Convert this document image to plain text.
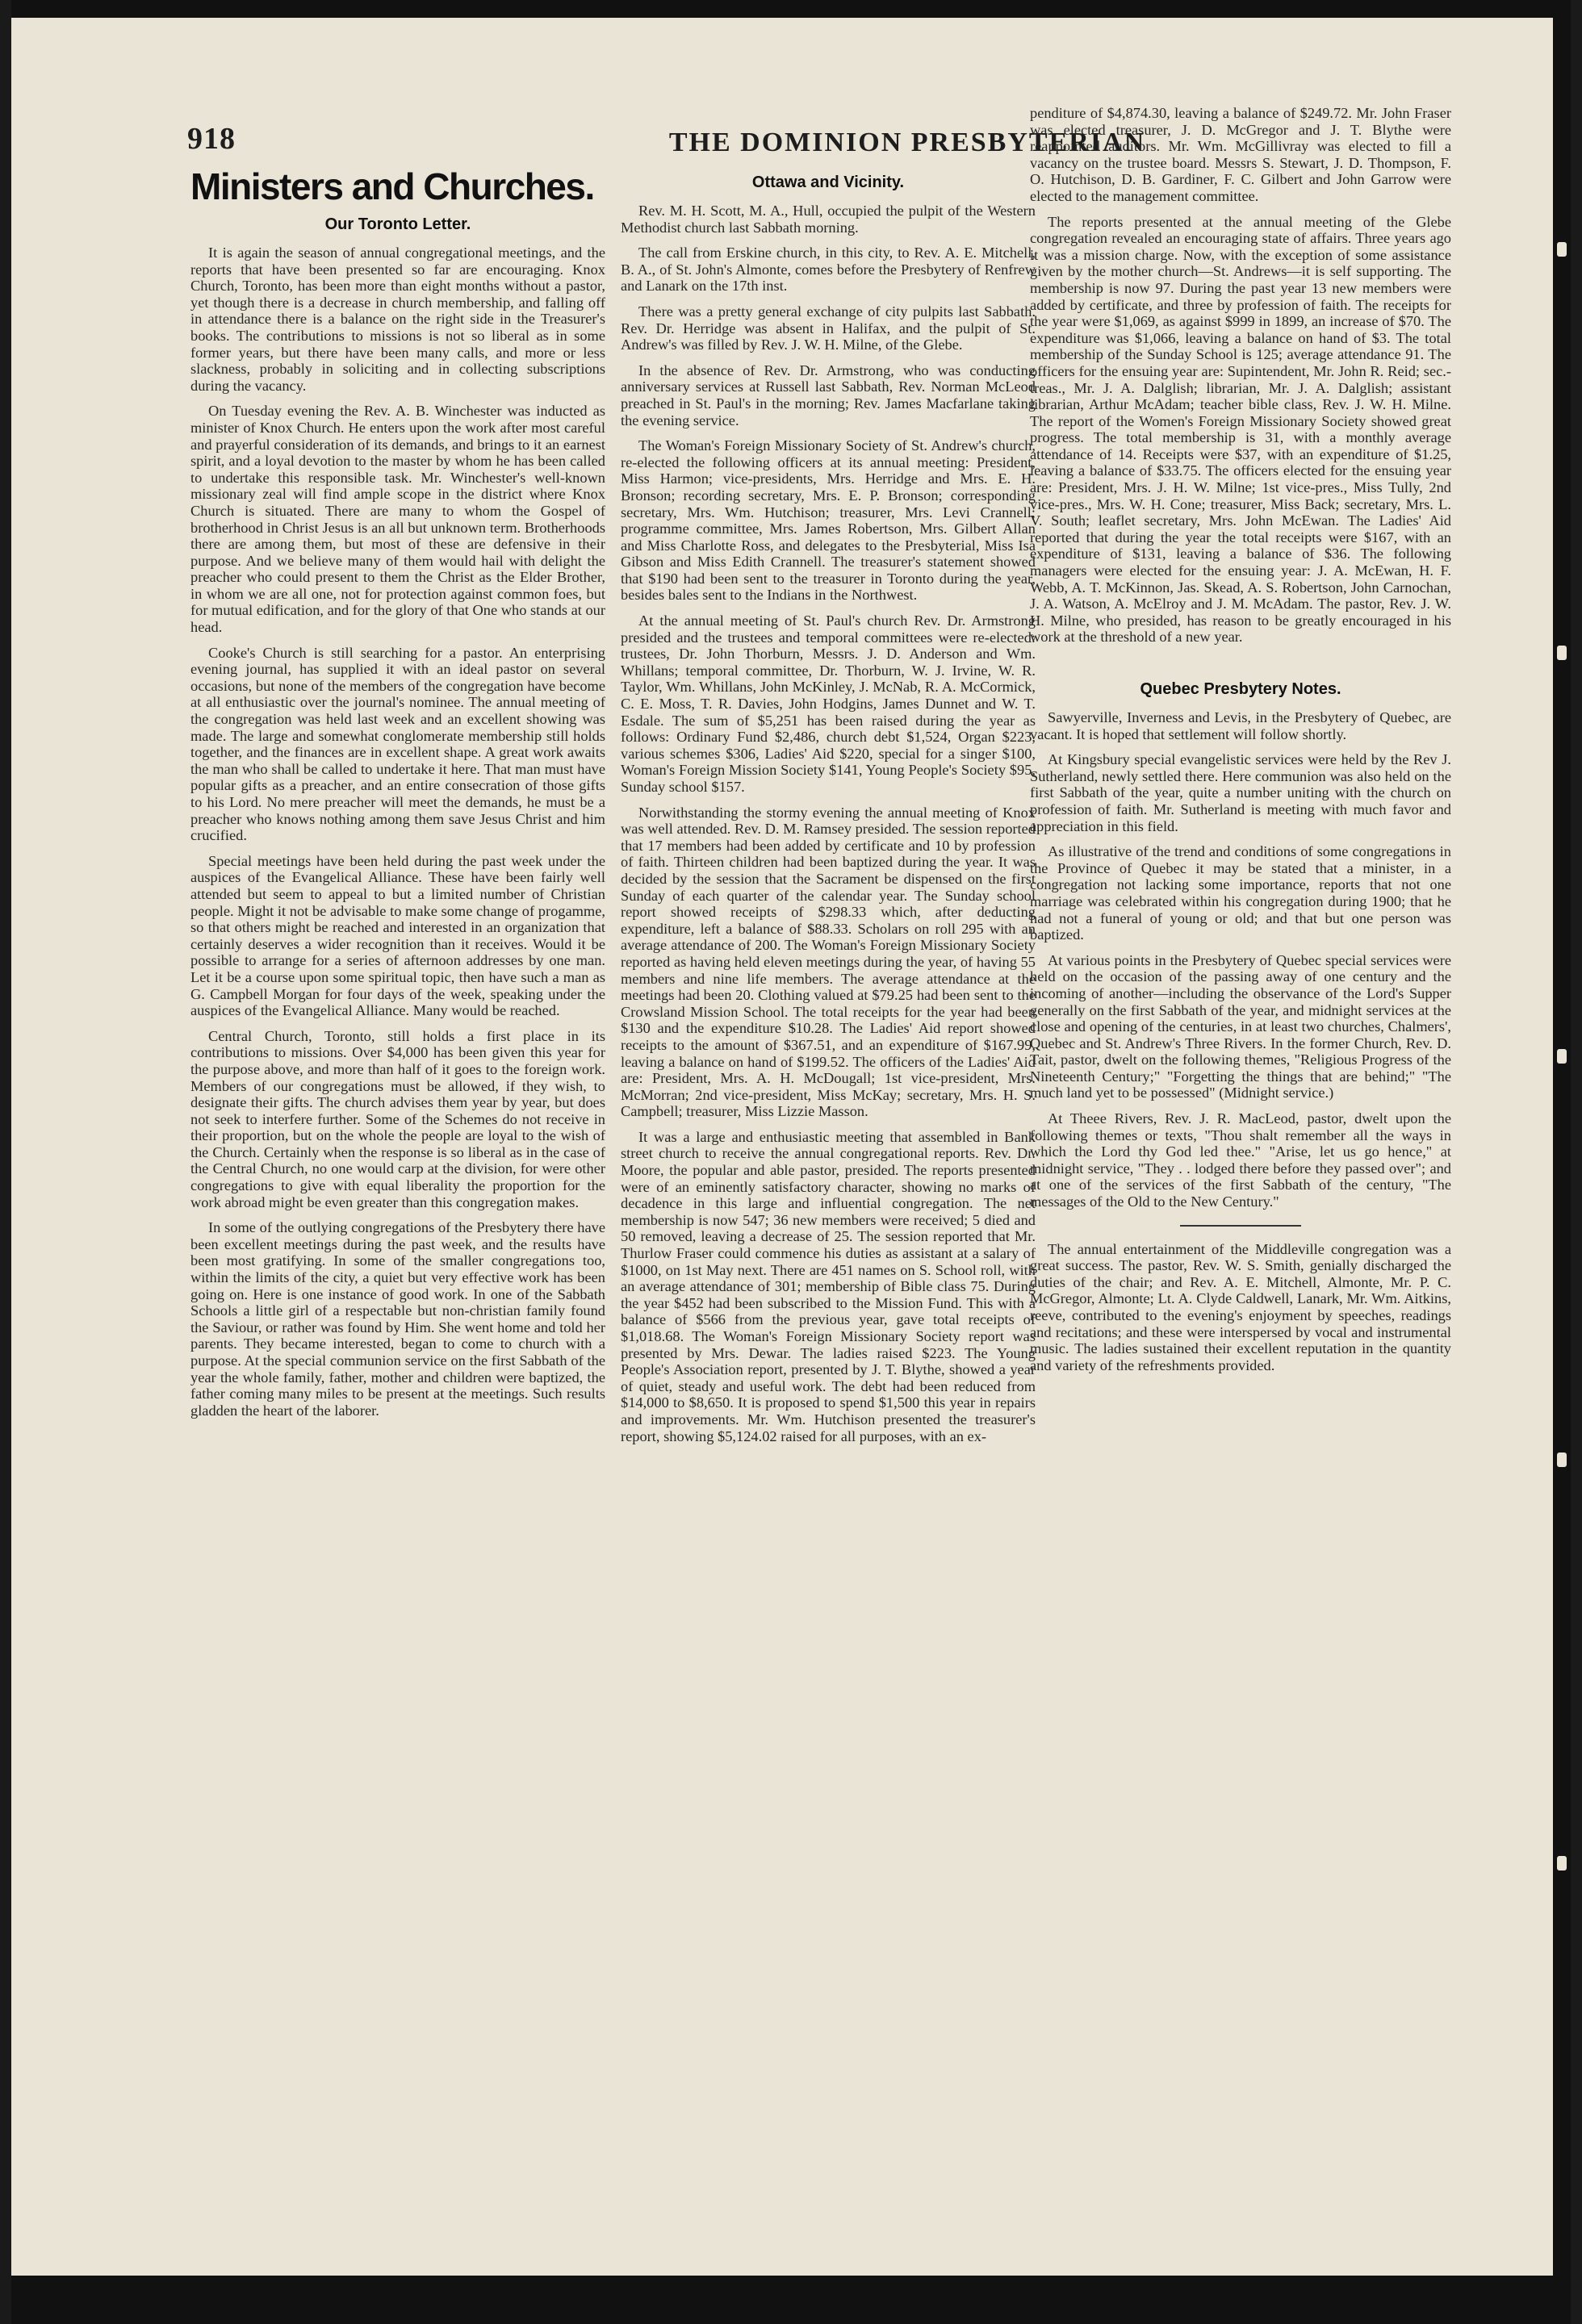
918	THE DOMINION PRESBYTERIAN
Ministers and Churches.
Our Toronto Letter.

It is again the season of annual congregational meetings, and the reports that have been presented so far are encouraging. Knox Church, Toronto, has been more than eight months without a pastor, yet though there is a decrease in church membership, and falling off in attendance there is a balance on the right side in the Treasurer's books. The contributions to missions is not so liberal as in some former years, but there have been many calls, and more or less slackness, probably in soliciting and in collecting subscriptions during the vacancy.

On Tuesday evening the Rev. A. B. Winchester was inducted as minister of Knox Church. He enters upon the work after most careful and prayerful consideration of its demands, and brings to it an earnest spirit, and a loyal devotion to the master by whom he has been called to undertake this responsible task. Mr. Winchester's well-known missionary zeal will find ample scope in the district where Knox Church is situated. There are many to whom the Gospel of brotherhood in Christ Jesus is an all but unknown term. Brotherhoods there are among them, but most of these are defensive in their purpose. And we believe many of them would hail with delight the preacher who could present to them the Christ as the Elder Brother, in whom we are all one, not for protection against common foes, but for mutual edification, and for the glory of that One who stands at our head.

Cooke's Church is still searching for a pastor. An enterprising evening journal, has supplied it with an ideal pastor on several occasions, but none of the members of the congregation have become at all enthusiastic over the journal's nominee. The annual meeting of the congregation was held last week and an excellent showing was made. The large and somewhat conglomerate membership still holds together, and the finances are in excellent shape. A great work awaits the man who shall be called to undertake it here. That man must have popular gifts as a preacher, and an entire consecration of those gifts to his Lord. No mere preacher will meet the demands, he must be a preacher who knows nothing among them save Jesus Christ and him crucified.

Special meetings have been held during the past week under the auspices of the Evangelical Alliance. These have been fairly well attended but seem to appeal to but a limited number of Christian people. Might it not be advisable to make some change of progamme, so that others might be reached and interested in an organization that certainly deserves a wider recognition than it receives. Would it be possible to arrange for a series of afternoon addresses by one man. Let it be a course upon some spiritual topic, then have such a man as G. Campbell Morgan for four days of the week, speaking under the auspices of the Evangelical Alliance. Many would be reached.

Central Church, Toronto, still holds a first place in its contributions to missions. Over $4,000 has been given this year for the purpose above, and more than half of it goes to the foreign work. Members of our congregations must be allowed, if they wish, to designate their gifts. The church advises them year by year, but does not seek to interfere further. Some of the Schemes do not receive in their proportion, but on the whole the people are loyal to the wish of the Church. Certainly when the response is so liberal as in the case of the Central Church, no one would carp at the division, for were other congregations to give with equal liberality the proportion for the work abroad might be even greater than this congregation makes.

In some of the outlying congregations of the Presbytery there have been excellent meetings during the past week, and the results have been most gratifying. In some of the smaller congregations too, within the limits of the city, a quiet but very effective work has been going on. Here is one instance of good work. In one of the Sabbath Schools a little girl of a respectable but non-christian family found the Saviour, or rather was found by Him. She went home and told her parents. They became interested, began to come to church with a purpose. At the special communion service on the first Sabbath of the year the whole family, father, mother and children were baptized, the father coming many miles to be present at the meetings. Such results gladden the heart of the laborer.

Ottawa and Vicinity.

Rev. M. H. Scott, M. A., Hull, occupied the pulpit of the Western Methodist church last Sabbath morning.

The call from Erskine church, in this city, to Rev. A. E. Mitchell, B. A., of St. John's Almonte, comes before the Presbytery of Renfrew and Lanark on the 17th inst.

There was a pretty general exchange of city pulpits last Sabbath. Rev. Dr. Herridge was absent in Halifax, and the pulpit of St. Andrew's was filled by Rev. J. W. H. Milne, of the Glebe.

In the absence of Rev. Dr. Armstrong, who was conducting anniversary services at Russell last Sabbath, Rev. Norman McLeod preached in St. Paul's in the morning; Rev. James Macfarlane taking the evening service.

The Woman's Foreign Missionary Society of St. Andrew's church, re-elected the following officers at its annual meeting: President, Miss Harmon; vice-presidents, Mrs. Herridge and Mrs. E. H. Bronson; recording secretary, Mrs. E. P. Bronson; corresponding secretary, Mrs. Wm. Hutchison; treasurer, Mrs. Levi Crannell; programme committee, Mrs. James Robertson, Mrs. Gilbert Allan and Miss Charlotte Ross, and delegates to the Presbyterial, Miss Isa Gibson and Miss Edith Crannell. The treasurer's statement showed that $190 had been sent to the treasurer in Toronto during the year, besides bales sent to the Indians in the Northwest.

At the annual meeting of St. Paul's church Rev. Dr. Armstrong presided and the trustees and temporal committees were re-elected: trustees, Dr. John Thorburn, Messrs. J. D. Anderson and Wm. Whillans; temporal committee, Dr. Thorburn, W. J. Irvine, W. R. Taylor, Wm. Whillans, John McKinley, J. McNab, R. A. McCormick, C. E. Moss, T. R. Davies, John Hodgins, James Dunnet and W. T. Esdale. The sum of $5,251 has been raised during the year as follows: Ordinary Fund $2,486, church debt $1,524, Organ $223, various schemes $306, Ladies' Aid $220, special for a singer $100, Woman's Foreign Mission Society $141, Young People's Society $95, Sunday school $157.

Norwithstanding the stormy evening the annual meeting of Knox was well attended. Rev. D. M. Ramsey presided. The session reported that 17 members had been added by certificate and 10 by profession of faith. Thirteen children had been baptized during the year. It was decided by the session that the Sacrament be dispensed on the first Sunday of each quarter of the calendar year. The Sunday school report showed receipts of $298.33 which, after deducting expenditure, left a balance of $88.33. Scholars on roll 295 with an average attendance of 200. The Woman's Foreign Missionary Society reported as having held eleven meetings during the year, of having 55 members and nine life members. The average attendance at the meetings had been 20. Clothing valued at $79.25 had been sent to the Crowsland Mission School. The total receipts for the year had been $130 and the expenditure $10.28. The Ladies' Aid report showed receipts to the amount of $367.51, and an expenditure of $167.99, leaving a balance on hand of $199.52. The officers of the Ladies' Aid are: President, Mrs. A. H. McDougall; 1st vice-president, Mrs. McMorran; 2nd vice-president, Miss McKay; secretary, Mrs. H. S. Campbell; treasurer, Miss Lizzie Masson.

It was a large and enthusiastic meeting that assembled in Bank street church to receive the annual congregational reports. Rev. Dr. Moore, the popular and able pastor, presided. The reports presented were of an eminently satisfactory character, showing no marks of decadence in this large and influential congregation. The net membership is now 547; 36 new members were received; 5 died and 50 removed, leaving a decrease of 25. The session reported that Mr. Thurlow Fraser could commence his duties as assistant at a salary of $1000, on 1st May next. There are 451 names on S. School roll, with an average attendance of 301; membership of Bible class 75. During the year $452 had been subscribed to the Mission Fund. This with a balance of $566 from the previous year, gave total receipts of $1,018.68. The Woman's Foreign Missionary Society report was presented by Mrs. Dewar. The ladies raised $223. The Young People's Association report, presented by J. T. Blythe, showed a year of quiet, steady and useful work. The debt had been reduced from $14,000 to $8,650. It is proposed to spend $1,500 this year in repairs and improvements. Mr. Wm. Hutchison presented the treasurer's report, showing $5,124.02 raised for all purposes, with an ex-

penditure of $4,874.30, leaving a balance of $249.72. Mr. John Fraser was elected treasurer, J. D. McGregor and J. T. Blythe were reappointed auditors. Mr. Wm. McGillivray was elected to fill a vacancy on the trustee board. Messrs S. Stewart, J. D. Thompson, F. O. Hutchison, D. B. Gardiner, F. C. Gilbert and John Garrow were elected to the management committee.

The reports presented at the annual meeting of the Glebe congregation revealed an encouraging state of affairs. Three years ago it was a mission charge. Now, with the exception of some assistance given by the mother church—St. Andrews—it is self supporting. The membership is now 97. During the past year 13 new members were added by certificate, and three by profession of faith. The receipts for the year were $1,069, as against $999 in 1899, an increase of $70. The expenditure was $1,066, leaving a balance on hand of $3. The total membership of the Sunday School is 125; average attendance 91. The officers for the ensuing year are: Supintendent, Mr. John R. Reid; sec.-treas., Mr. J. A. Dalglish; librarian, Mr. J. A. Dalglish; assistant librarian, Arthur McAdam; teacher bible class, Rev. J. W. H. Milne. The report of the Women's Foreign Missionary Society showed great progress. The total membership is 31, with a monthly average attendance of 14. Receipts were $37, with an expenditure of $1.25, leaving a balance of $33.75. The officers elected for the ensuing year are: President, Mrs. J. H. W. Milne; 1st vice-pres., Miss Tully, 2nd vice-pres., Mrs. W. H. Cone; treasurer, Miss Back; secretary, Mrs. L. V. South; leaflet secretary, Mrs. John McEwan. The Ladies' Aid reported that during the year the total receipts were $167, with an expenditure of $131, leaving a balance of $36. The following managers were elected for the ensuing year: J. A. McEwan, H. F. Webb, A. T. McKinnon, Jas. Skead, A. S. Robertson, John Carnochan, J. A. Watson, A. McElroy and J. M. McAdam. The pastor, Rev. J. W. H. Milne, who presided, has reason to be greatly encouraged in his work at the threshold of a new year.

Quebec Presbytery Notes.

Sawyerville, Inverness and Levis, in the Presbytery of Quebec, are vacant. It is hoped that settlement will follow shortly.

At Kingsbury special evangelistic services were held by the Rev J. Sutherland, newly settled there. Here communion was also held on the first Sabbath of the year, quite a number uniting with the church on profession of faith. Mr. Sutherland is meeting with much favor and appreciation in this field.

As illustrative of the trend and conditions of some congregations in the Province of Quebec it may be stated that a minister, in a congregation not lacking some importance, reports that not one marriage was celebrated within his congregation during 1900; that he had not a funeral of young or old; and that but one person was baptized.

At various points in the Presbytery of Quebec special services were held on the occasion of the passing away of one century and the incoming of another—including the observance of the Lord's Supper generally on the first Sabbath of the year, and midnight services at the close and opening of the centuries, in at least two churches, Chalmers', Quebec and St. Andrew's Three Rivers. In the former Church, Rev. D. Tait, pastor, dwelt on the following themes, "Religious Progress of the Nineteenth Century;" "Forgetting the things that are behind;" "The much land yet to be possessed" (Midnight service.)

At Theee Rivers, Rev. J. R. MacLeod, pastor, dwelt upon the following themes or texts, "Thou shalt remember all the ways in which the Lord thy God led thee." "Arise, let us go hence," at midnight service, "They . . lodged there before they passed over"; and at one of the services of the first Sabbath of the century, "The messages of the Old to the New Century."

The annual entertainment of the Middleville congregation was a great success. The pastor, Rev. W. S. Smith, genially discharged the duties of the chair; and Rev. A. E. Mitchell, Almonte, Mr. P. C. McGregor, Almonte; Lt. A. Clyde Caldwell, Lanark, Mr. Wm. Aitkins, reeve, contributed to the evening's enjoyment by speeches, readings and recitations; and these were interspersed by vocal and instrumental music. The ladies sustained their excellent reputation in the quantity and variety of the refreshments provided.
